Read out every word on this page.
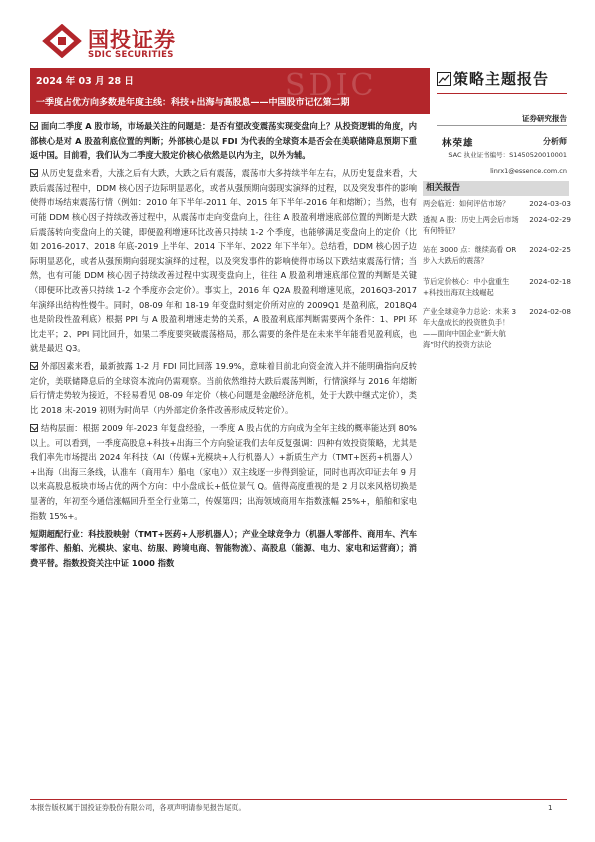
国投证券
SDIC SECURITIES
SDIC
2024 年 03 月 28 日
一季度占优方向多数是年度主线：科技+出海与高股息——中国股市记忆第二期
策略主题报告
证券研究报告
林荣雄	分析师
SAC 执业证书编号：S1450520010001
linrx1@essence.com.cn
相关报告
两会临近：如何评估市场？	2024-03-03
透视 A 股：历史上两会后市场有何特征？
2024-02-29
站在 3000 点：继续高看 OR 步入大跌后的震荡？
2024-02-25
节后定价核心：中小盘重生+科技出海双主线崛起
2024-02-18
产业全球竞争力总论：未来 3 年大盘成长的投资胜负手！——面向中国企业“新大航海”时代的投资方法论
2024-02-08

面向二季度 A 股市场，市场最关注的问题是：是否有望改变震荡实现变盘向上？从投资逻辑的角度，内部核心是对 A 股盈利底位置的判断；外部核心是以 FDI 为代表的全球资本是否会在美联储降息预期下重返中国。目前看，我们认为二季度大股定价核心依然是以内为主，以外为辅。

从历史复盘来看，大涨之后有大跌，大跌之后有震荡，震荡市大多持续半年左右，从历史复盘来看，大跌后震荡过程中，DDM 核心因子边际明显恶化，或者从强预期向弱现实演绎的过程，以及突发事件的影响使得市场结束震荡行情（例如：2010 年下半年-2011 年、2015 年下半年-2016 年和熔断）；当然，也有可能 DDM 核心因子持续改善过程中，从震荡市走向变盘向上，往往 A 股盈利增速底部位置的判断是大跌后震荡转向变盘向上的关键，即便盈利增速环比改善只持续 1-2 个季度，也能够满足变盘向上的定价（比如 2016-2017、2018 年底-2019 上半年、2014 下半年、2022 年下半年）。总结看，DDM 核心因子边际明显恶化，或者从强预期向弱现实演绎的过程，以及突发事件的影响使得市场以下跌结束震荡行情；当然，也有可能 DDM 核心因子持续改善过程中实现变盘向上，往往 A 股盈利增速底部位置的判断是关键（即便环比改善只持续 1-2 个季度亦会定价）。事实上，2016 年 Q2A 股盈利增速见底，2016Q3-2017 年演绎出结构性慢牛。同时，08-09 年和 18-19 年变盘时刻定价所对应的 2009Q1 是盈利底，2018Q4 也是阶段性盈利底）根据 PPI 与 A 股盈利增速走势的关系，A 股盈利底部判断需要两个条件：1、PPI 环比走平；2、PPI 同比回升，如果二季度要突破震荡格局，那么需要的条件是在未来半年能看见盈利底，也就是最迟 Q3。

外部因素来看，最新披露 1-2 月 FDI 同比回落 19.9%，意味着目前北向资金流入并不能明确指向反转定价，美联储降息后的全球资本流向仍需观察。当前依然维持大跌后震荡判断，行情演绎与 2016 年熔断后行情走势较为接近，不轻易看见 08-09 年定价（核心问题是金融经济危机，处于大跌中继式定价），类比 2018 末-2019 初则为时尚早（内外部定价条件改善形成反转定价）。

结构层面：根据 2009 年-2023 年复盘经验，一季度 A 股占优的方向成为全年主线的概率能达到 80%以上。可以看到，一季度高股息+科技+出海三个方向验证我们去年反复强调：四种有效投资策略，尤其是我们率先市场提出 2024 年科技（AI（传媒+光模块+人行机器人）+新质生产力（TMT+医药+机器人）+出海（出海三条线，认准车（商用车）船电（家电））双主线逐一步得到验证，同时也再次印证去年 9 月以来高股息板块市场占优的两个方向：中小盘成长+低位景气 Q。值得高度重视的是 2 月以来风格切换是显著的，年初至今通信涨幅回升至全行业第二，传媒第四；出海领域商用车指数涨幅 25%+，船舶和家电指数 15%+。

短期超配行业：科技股映射（TMT+医药+人形机器人）；产业全球竞争力（机器人零部件、商用车、汽车零部件、船舶、光模块、家电、纺服、跨境电商、智能物流）、高股息（能源、电力、家电和运营商）；消费平替。指数投资关注中证 1000 指数

本报告版权属于国投证券股份有限公司，各项声明请参见报告尾页。	1
